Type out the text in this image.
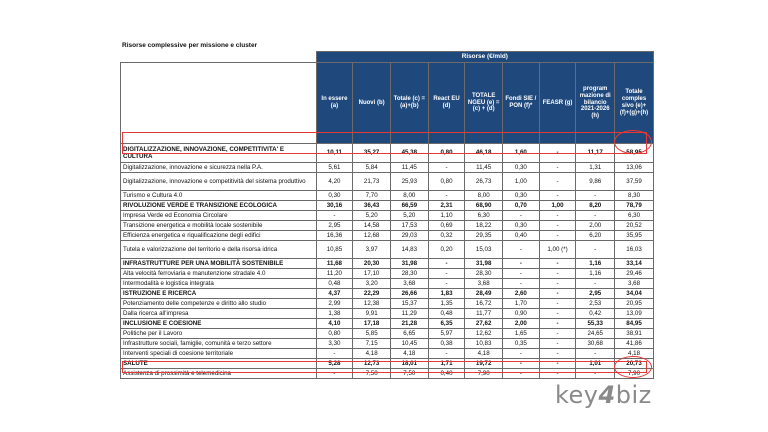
Risorse complessive per missione e cluster
	Risorse (€/mld)								
	In essere (a)	Nuovi (b)	Totale (c) = (a)+(b)	React EU (d)	TOTALE NGEU (e) = (c) + (d)	Fondi SIE / PON (f)*	FEASR (g)	program mazione di bilancio 2021-2026 (h)	Totale comples sivo (e)+(f)+(g)+(h)
DIGITALIZZAZIONE, INNOVAZIONE, COMPETITIVITA' E CULTURA	10,11	35,27	45,38	0,80	46,18	1,60	-	11,17	58,95
Digitalizzazione, innovazione e sicurezza nella P.A.	5,61	5,84	11,45	-	11,45	0,30	-	1,31	13,06
Digitalizzazione, innovazione e competitività del sistema produttivo	4,20	21,73	25,93	0,80	26,73	1,00	-	9,86	37,59
Turismo e Cultura 4.0	0,30	7,70	8,00	-	8,00	0,30	-	-	8,30
RIVOLUZIONE VERDE E TRANSIZIONE ECOLOGICA	30,16	36,43	66,59	2,31	68,90	0,70	1,00	8,20	78,79
Impresa Verde ed Economia Circolare	-	5,20	5,20	1,10	6,30	-	-	-	6,30
Transizione energetica e mobilità locale sostenibile	2,95	14,58	17,53	0,69	18,22	0,30	-	2,00	20,52
Efficienza energetica e riqualificazione degli edifici	16,36	12,68	29,03	0,32	29,35	0,40	-	6,20	35,95
Tutela e valorizzazione del territorio e della risorsa idrica	10,85	3,97	14,83	0,20	15,03	-	1,00 (*)	-	16,03
INFRASTRUTTURE PER UNA MOBILITÀ SOSTENIBILE	11,68	20,30	31,98	-	31,98	-	-	1,16	33,14
Alta velocità ferroviaria e manutenzione stradale 4.0	11,20	17,10	28,30	-	28,30	-	-	1,16	29,46
Intermodalità e logistica integrata	0,48	3,20	3,68	-	3,68	-	-	-	3,68
ISTRUZIONE E RICERCA	4,37	22,29	26,66	1,83	28,49	2,60	-	2,95	34,04
Potenziamento delle competenze e diritto allo studio	2,99	12,38	15,37	1,35	16,72	1,70	-	2,53	20,95
Dalla ricerca all'impresa	1,38	9,91	11,29	0,48	11,77	0,90	-	0,42	13,09
INCLUSIONE E COESIONE	4,10	17,18	21,28	6,35	27,62	2,00	-	55,33	84,95
Politiche per il Lavoro	0,80	5,85	6,65	5,97	12,62	1,65	-	24,65	38,91
Infrastrutture sociali, famiglie, comunità e terzo settore	3,30	7,15	10,45	0,38	10,83	0,35	-	30,68	41,86
Interventi speciali di coesione territoriale	-	4,18	4,18	-	4,18	-	-	-	4,18
SALUTE	5,28	12,73	18,01	1,71	19,72	-	-	1,01	20,73
Assistenza di prossimità e telemedicina	-	7,50	7,50	0,40	7,90	-	-	-	7,90
key4biz
